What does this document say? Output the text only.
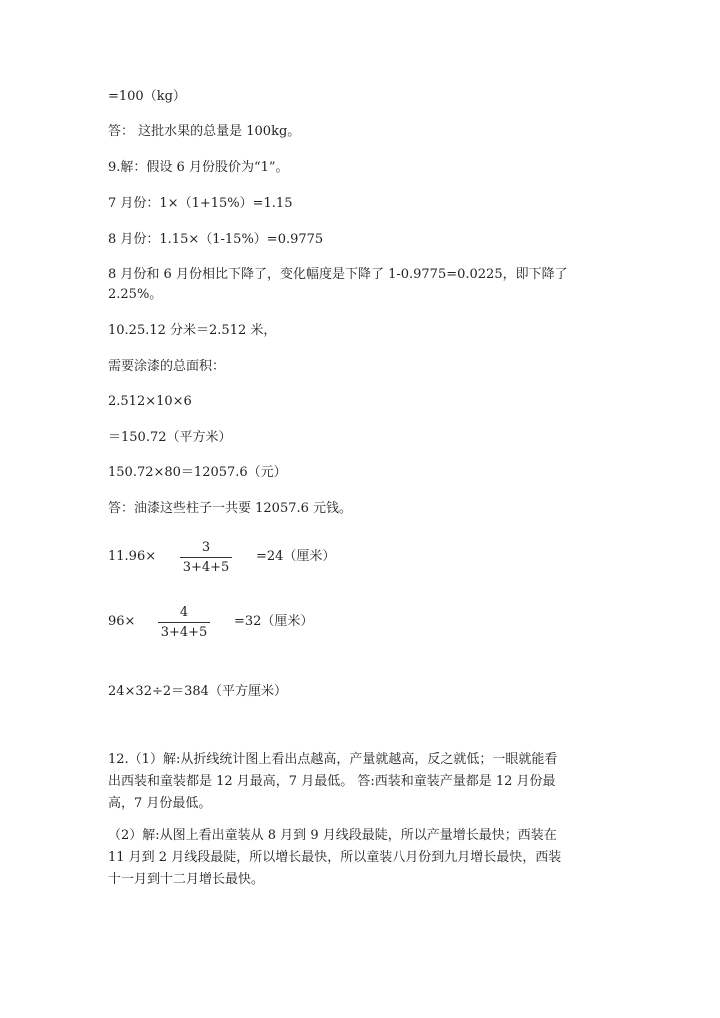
=100（kg）
答： 这批水果的总量是 100kg。
9.解：假设 6 月份股价为“1”。
7 月份：1×（1+15%）=1.15
8 月份：1.15×（1-15%）=0.9775
8 月份和 6 月份相比下降了，变化幅度是下降了 1-0.9775=0.0225，即下降了
2.25%。
10.25.12 分米＝2.512 米，
需要涂漆的总面积：
2.512×10×6
＝150.72（平方米）
150.72×80＝12057.6（元）
答：油漆这些柱子一共要 12057.6 元钱。
11.96×
3
3+4+5
=24（厘米）
96×
4
3+4+5
=32（厘米）
24×32÷2＝384（平方厘米）
12.（1）解:从折线统计图上看出点越高，产量就越高，反之就低；一眼就能看
出西装和童装都是 12 月最高，7 月最低。 答:西装和童装产量都是 12 月份最
高，7 月份最低。
（2）解:从图上看出童装从 8 月到 9 月线段最陡，所以产量增长最快；西装在
11 月到 2 月线段最陡，所以增长最快，所以童装八月份到九月增长最快，西装
十一月到十二月增长最快。
